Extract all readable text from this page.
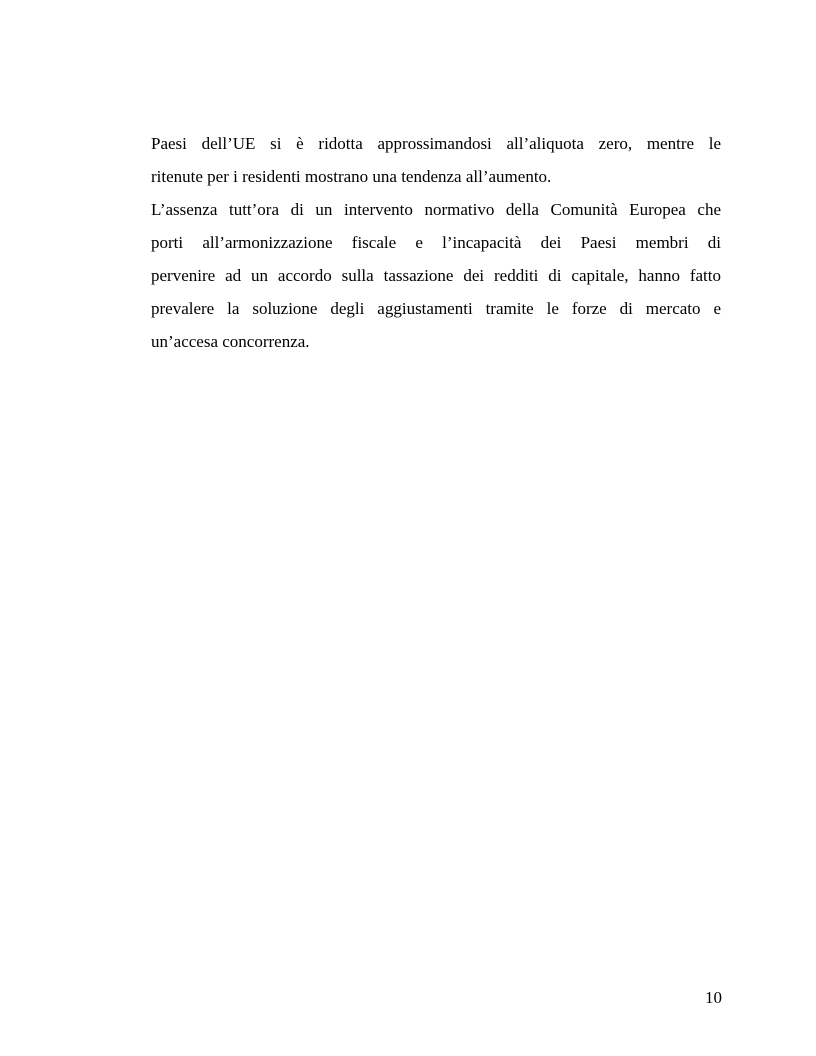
Paesi dell’UE si è ridotta approssimandosi all’aliquota zero, mentre le
ritenute per i residenti mostrano una tendenza all’aumento.
L’assenza tutt’ora di un intervento normativo della Comunità Europea che
porti all’armonizzazione fiscale e l’incapacità dei Paesi membri di
pervenire ad un accordo sulla tassazione dei redditi di capitale, hanno fatto
prevalere la soluzione degli aggiustamenti tramite le forze di mercato e
un’accesa concorrenza.
10
